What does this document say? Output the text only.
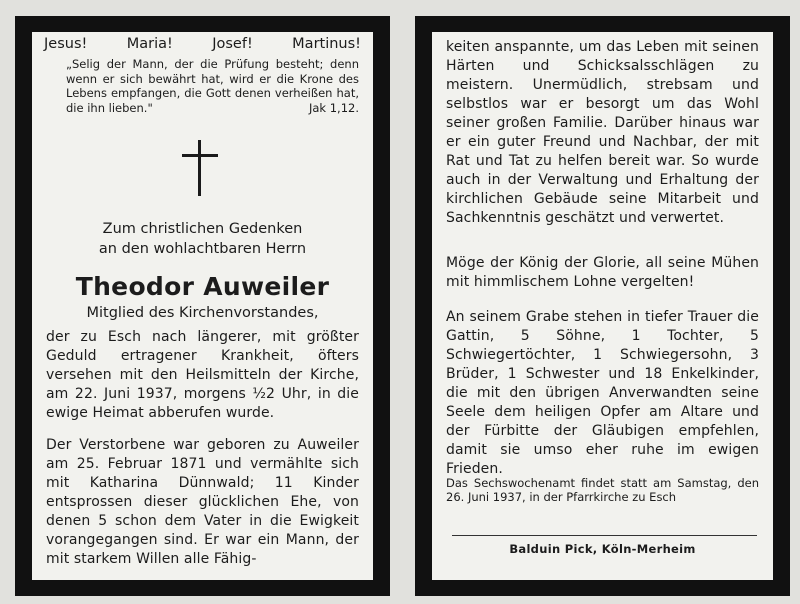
Jesus!	Maria!	Josef!	Martinus!
„Selig der Mann, der die Prüfung besteht; denn wenn er sich bewährt hat, wird er die Krone des Lebens empfangen, die Gott denen verheißen hat, die ihn lieben."	Jak 1,12.
Zum christlichen Gedenken
an den wohlachtbaren Herrn
Theodor Auweiler
Mitglied des Kirchenvorstandes,
der zu Esch nach längerer, mit größter Geduld ertragener Krankheit, öfters versehen mit den Heilsmitteln der Kirche, am 22. Juni 1937, morgens ½2 Uhr, in die ewige Heimat abberufen wurde.
Der Verstorbene war geboren zu Auweiler am 25. Februar 1871 und vermählte sich mit Katharina Dünnwald; 11 Kinder entsprossen dieser glücklichen Ehe, von denen 5 schon dem Vater in die Ewigkeit vorangegangen sind. Er war ein Mann, der mit starkem Willen alle Fähig-
keiten anspannte, um das Leben mit seinen Härten und Schicksalsschlägen zu meistern. Unermüdlich, strebsam und selbstlos war er besorgt um das Wohl seiner großen Familie. Darüber hinaus war er ein guter Freund und Nachbar, der mit Rat und Tat zu helfen bereit war. So wurde auch in der Verwaltung und Erhaltung der kirchlichen Gebäude seine Mitarbeit und Sachkenntnis geschätzt und verwertet.
Möge der König der Glorie, all seine Mühen mit himmlischem Lohne vergelten!
An seinem Grabe stehen in tiefer Trauer die Gattin, 5 Söhne, 1 Tochter, 5 Schwiegertöchter, 1 Schwiegersohn, 3 Brüder, 1 Schwester und 18 Enkelkinder, die mit den übrigen Anverwandten seine Seele dem heiligen Opfer am Altare und der Fürbitte der Gläubigen empfehlen, damit sie umso eher ruhe im ewigen Frieden.
Das Sechswochenamt findet statt am Samstag, den 26. Juni 1937, in der Pfarrkirche zu Esch
Balduin Pick, Köln-Merheim
